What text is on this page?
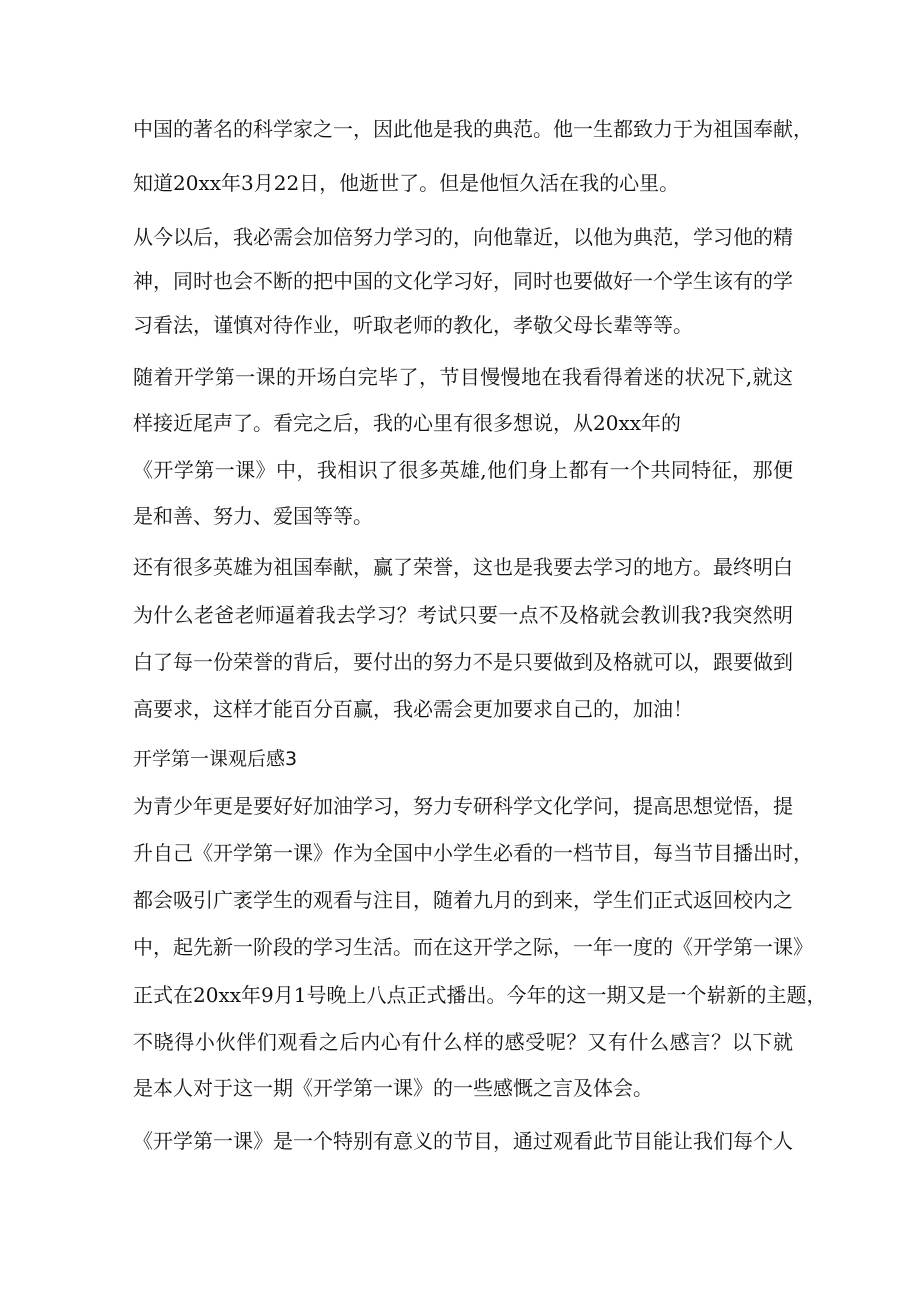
中国的著名的科学家之一，因此他是我的典范。他一生都致力于为祖国奉献，
知道20xx年3月22日，他逝世了。但是他恒久活在我的心里。
从今以后，我必需会加倍努力学习的，向他靠近，以他为典范，学习他的精
神，同时也会不断的把中国的文化学习好，同时也要做好一个学生该有的学
习看法，谨慎对待作业，听取老师的教化，孝敬父母长辈等等。
随着开学第一课的开场白完毕了，节目慢慢地在我看得着迷的状况下,就这
样接近尾声了。看完之后，我的心里有很多想说，从20xx年的
《开学第一课》中，我相识了很多英雄,他们身上都有一个共同特征，那便
是和善、努力、爱国等等。
还有很多英雄为祖国奉献，赢了荣誉，这也是我要去学习的地方。最终明白
为什么老爸老师逼着我去学习？考试只要一点不及格就会教训我?我突然明
白了每一份荣誉的背后，要付出的努力不是只要做到及格就可以，跟要做到
高要求，这样才能百分百赢，我必需会更加要求自己的，加油！
开学第一课观后感3
为青少年更是要好好加油学习，努力专研科学文化学问，提高思想觉悟，提
升自己《开学第一课》作为全国中小学生必看的一档节目，每当节目播出时，
都会吸引广袤学生的观看与注目，随着九月的到来，学生们正式返回校内之
中，起先新一阶段的学习生活。而在这开学之际，一年一度的《开学第一课》
正式在20xx年9月1号晚上八点正式播出。今年的这一期又是一个崭新的主题，
不晓得小伙伴们观看之后内心有什么样的感受呢？又有什么感言？以下就
是本人对于这一期《开学第一课》的一些感慨之言及体会。
《开学第一课》是一个特别有意义的节目，通过观看此节目能让我们每个人
